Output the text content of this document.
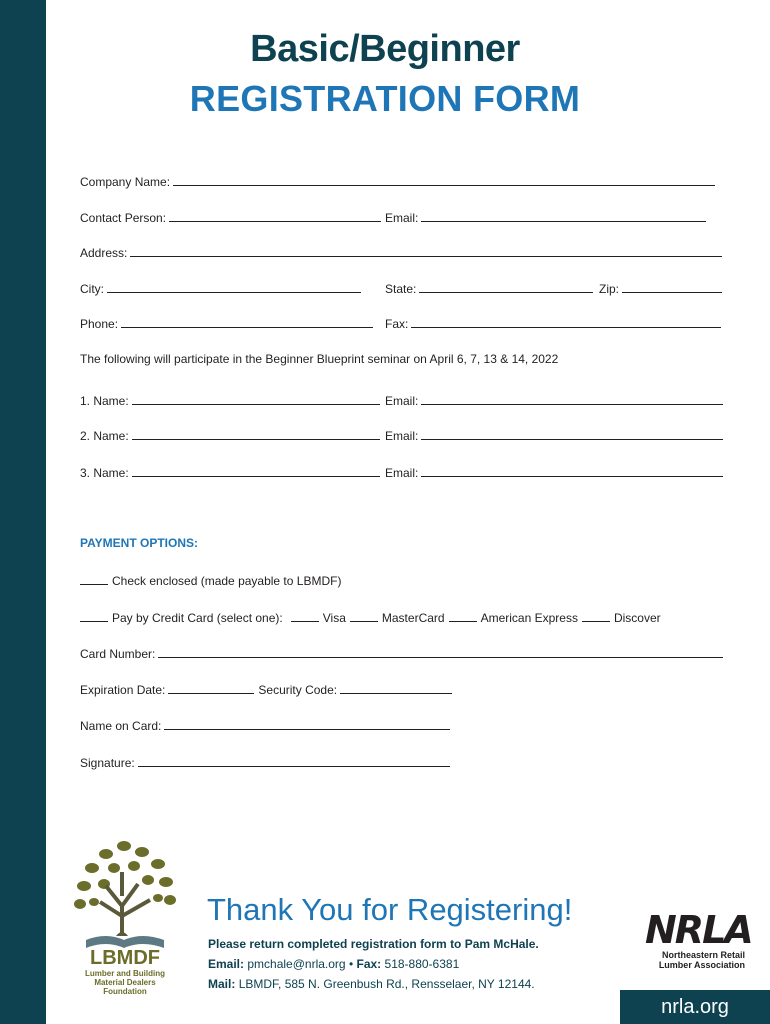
Basic/Beginner
REGISTRATION FORM
Company Name:
Contact Person:	Email:
Address:
City:	State:	Zip:
Phone:	Fax:
The following will participate in the Beginner Blueprint seminar on April 6, 7, 13 & 14, 2022
1. Name:	Email:
2. Name:	Email:
3. Name:	Email:
PAYMENT OPTIONS:
Check enclosed (made payable to LBMDF)
Pay by Credit Card (select one):	Visa	MasterCard	American Express	Discover
Card Number:
Expiration Date:	Security Code:
Name on Card:
Signature:
LBMDF
Lumber and Building
Material Dealers
Foundation
Thank You for Registering!
Please return completed registration form to Pam McHale.
Email: pmchale@nrla.org • Fax: 518-880-6381
Mail: LBMDF, 585 N. Greenbush Rd., Rensselaer, NY 12144.
NRLA
Northeastern Retail
Lumber Association
nrla.org
